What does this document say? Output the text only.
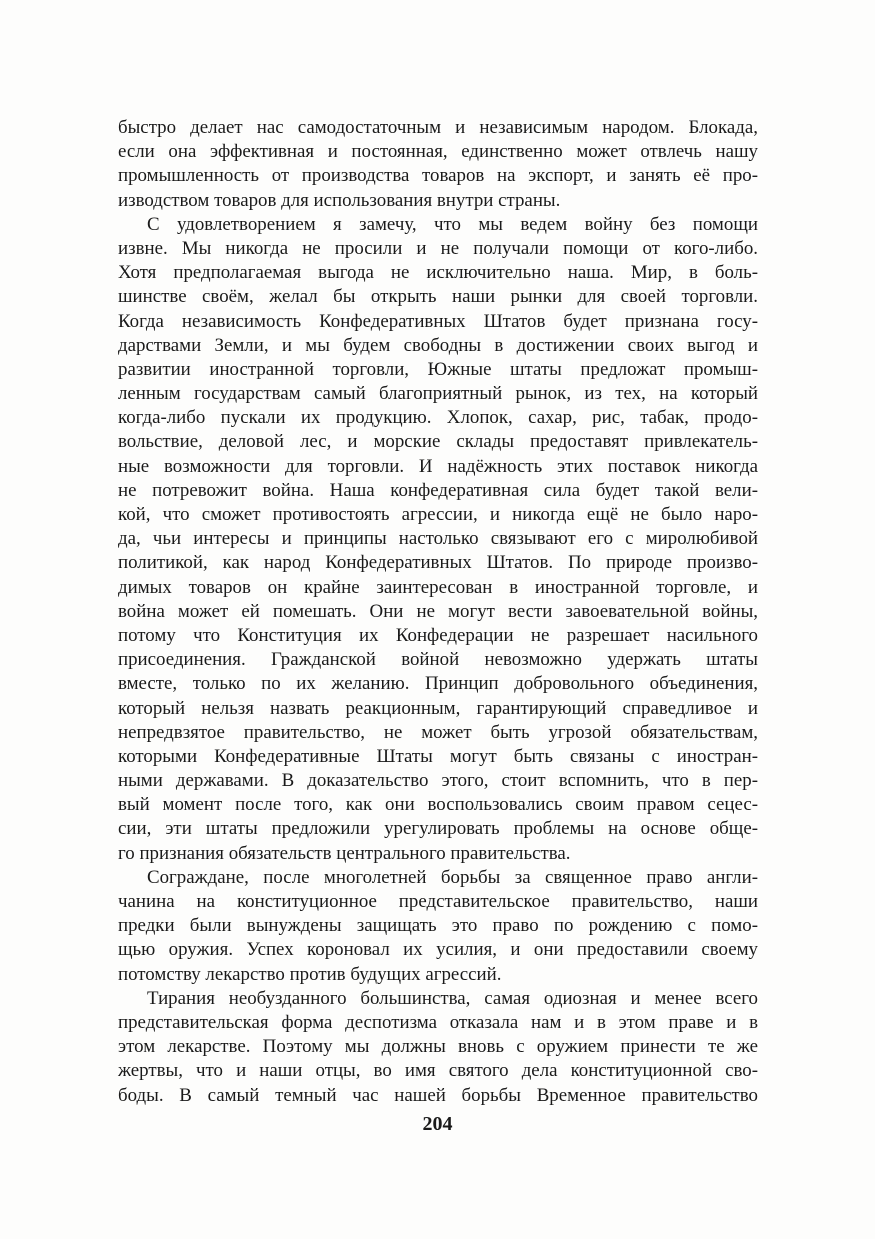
быстро делает нас самодостаточным и независимым народом. Блокада,
если она эффективная и постоянная, единственно может отвлечь нашу
промышленность от производства товаров на экспорт, и занять её про-
изводством товаров для использования внутри страны.
С удовлетворением я замечу, что мы ведем войну без помощи
извне. Мы никогда не просили и не получали помощи от кого-либо.
Хотя предполагаемая выгода не исключительно наша. Мир, в боль-
шинстве своём, желал бы открыть наши рынки для своей торговли.
Когда независимость Конфедеративных Штатов будет признана госу-
дарствами Земли, и мы будем свободны в достижении своих выгод и
развитии иностранной торговли, Южные штаты предложат промыш-
ленным государствам самый благоприятный рынок, из тех, на который
когда-либо пускали их продукцию. Хлопок, сахар, рис, табак, продо-
вольствие, деловой лес, и морские склады предоставят привлекатель-
ные возможности для торговли. И надёжность этих поставок никогда
не потревожит война. Наша конфедеративная сила будет такой вели-
кой, что сможет противостоять агрессии, и никогда ещё не было наро-
да, чьи интересы и принципы настолько связывают его с миролюбивой
политикой, как народ Конфедеративных Штатов. По природе произво-
димых товаров он крайне заинтересован в иностранной торговле, и
война может ей помешать. Они не могут вести завоевательной войны,
потому что Конституция их Конфедерации не разрешает насильного
присоединения. Гражданской войной невозможно удержать штаты
вместе, только по их желанию. Принцип добровольного объединения,
который нельзя назвать реакционным, гарантирующий справедливое и
непредвзятое правительство, не может быть угрозой обязательствам,
которыми Конфедеративные Штаты могут быть связаны с иностран-
ными державами. В доказательство этого, стоит вспомнить, что в пер-
вый момент после того, как они воспользовались своим правом сецес-
сии, эти штаты предложили урегулировать проблемы на основе обще-
го признания обязательств центрального правительства.
Сограждане, после многолетней борьбы за священное право англи-
чанина на конституционное представительское правительство, наши
предки были вынуждены защищать это право по рождению с помо-
щью оружия. Успех короновал их усилия, и они предоставили своему
потомству лекарство против будущих агрессий.
Тирания необузданного большинства, самая одиозная и менее всего
представительская форма деспотизма отказала нам и в этом праве и в
этом лекарстве. Поэтому мы должны вновь с оружием принести те же
жертвы, что и наши отцы, во имя святого дела конституционной сво-
боды. В самый темный час нашей борьбы Временное правительство
204
